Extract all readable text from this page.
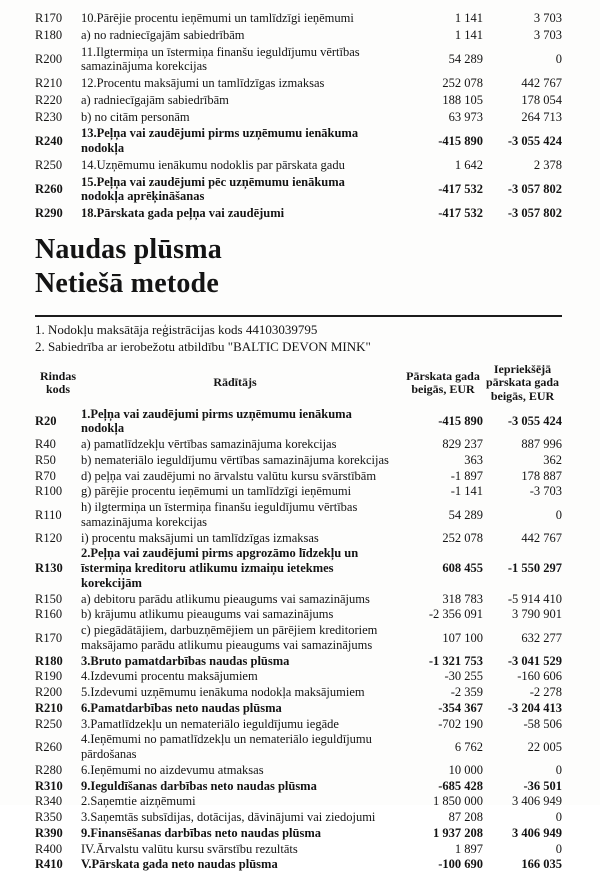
R170	10.Pārējie procentu ieņēmumi un tamlīdzīgi ieņēmumi	1 141	3 703
R180	a) no radniecīgajām sabiedrībām	1 141	3 703
R200	11.Ilgtermiņa un īstermiņa finanšu ieguldījumu vērtības samazinājuma korekcijas	54 289	0
R210	12.Procentu maksājumi un tamlīdzīgas izmaksas	252 078	442 767
R220	a) radniecīgajām sabiedrībām	188 105	178 054
R230	b) no citām personām	63 973	264 713
R240	13.Peļņa vai zaudējumi pirms uzņēmumu ienākuma nodokļa	-415 890	-3 055 424
R250	14.Uzņēmumu ienākumu nodoklis par pārskata gadu	1 642	2 378
R260	15.Peļņa vai zaudējumi pēc uzņēmumu ienākuma nodokļa aprēķināšanas	-417 532	-3 057 802
R290	18.Pārskata gada peļņa vai zaudējumi	-417 532	-3 057 802
Naudas plūsma
Netiešā metode
1. Nodokļu maksātāja reģistrācijas kods 44103039795
2. Sabiedrība ar ierobežotu atbildību "BALTIC DEVON MINK"
Rindas kods	Rādītājs	Pārskata gada beigās, EUR	Iepriekšējā pārskata gada beigās, EUR
R20	1.Peļņa vai zaudējumi pirms uzņēmumu ienākuma nodokļa	-415 890	-3 055 424
R40	a) pamatlīdzekļu vērtības samazinājuma korekcijas	829 237	887 996
R50	b) nemateriālo ieguldījumu vērtības samazinājuma korekcijas	363	362
R70	d) peļņa vai zaudējumi no ārvalstu valūtu kursu svārstībām	-1 897	178 887
R100	g) pārējie procentu ieņēmumi un tamlīdzīgi ieņēmumi	-1 141	-3 703
R110	h) ilgtermiņa un īstermiņa finanšu ieguldījumu vērtības samazinājuma korekcijas	54 289	0
R120	i) procentu maksājumi un tamlīdzīgas izmaksas	252 078	442 767
R130	2.Peļņa vai zaudējumi pirms apgrozāmo līdzekļu un īstermiņa kreditoru atlikumu izmaiņu ietekmes korekcijām	608 455	-1 550 297
R150	a) debitoru parādu atlikumu pieaugums vai samazinājums	318 783	-5 914 410
R160	b) krājumu atlikumu pieaugums vai samazinājums	-2 356 091	3 790 901
R170	c) piegādātājiem, darbuzņēmējiem un pārējiem kreditoriem maksājamo parādu atlikumu pieaugums vai samazinājums	107 100	632 277
R180	3.Bruto pamatdarbības naudas plūsma	-1 321 753	-3 041 529
R190	4.Izdevumi procentu maksājumiem	-30 255	-160 606
R200	5.Izdevumi uzņēmumu ienākuma nodokļa maksājumiem	-2 359	-2 278
R210	6.Pamatdarbības neto naudas plūsma	-354 367	-3 204 413
R250	3.Pamatlīdzekļu un nemateriālo ieguldījumu iegāde	-702 190	-58 506
R260	4.Ieņēmumi no pamatlīdzekļu un nemateriālo ieguldījumu pārdošanas	6 762	22 005
R280	6.Ieņēmumi no aizdevumu atmaksas	10 000	0
R310	9.Ieguldīšanas darbības neto naudas plūsma	-685 428	-36 501
R340	2.Saņemtie aizņēmumi	1 850 000	3 406 949
R350	3.Saņemtās subsīdijas, dotācijas, dāvinājumi vai ziedojumi	87 208	0
R390	9.Finansēšanas darbības neto naudas plūsma	1 937 208	3 406 949
R400	IV.Ārvalstu valūtu kursu svārstību rezultāts	1 897	0
R410	V.Pārskata gada neto naudas plūsma	-100 690	166 035
